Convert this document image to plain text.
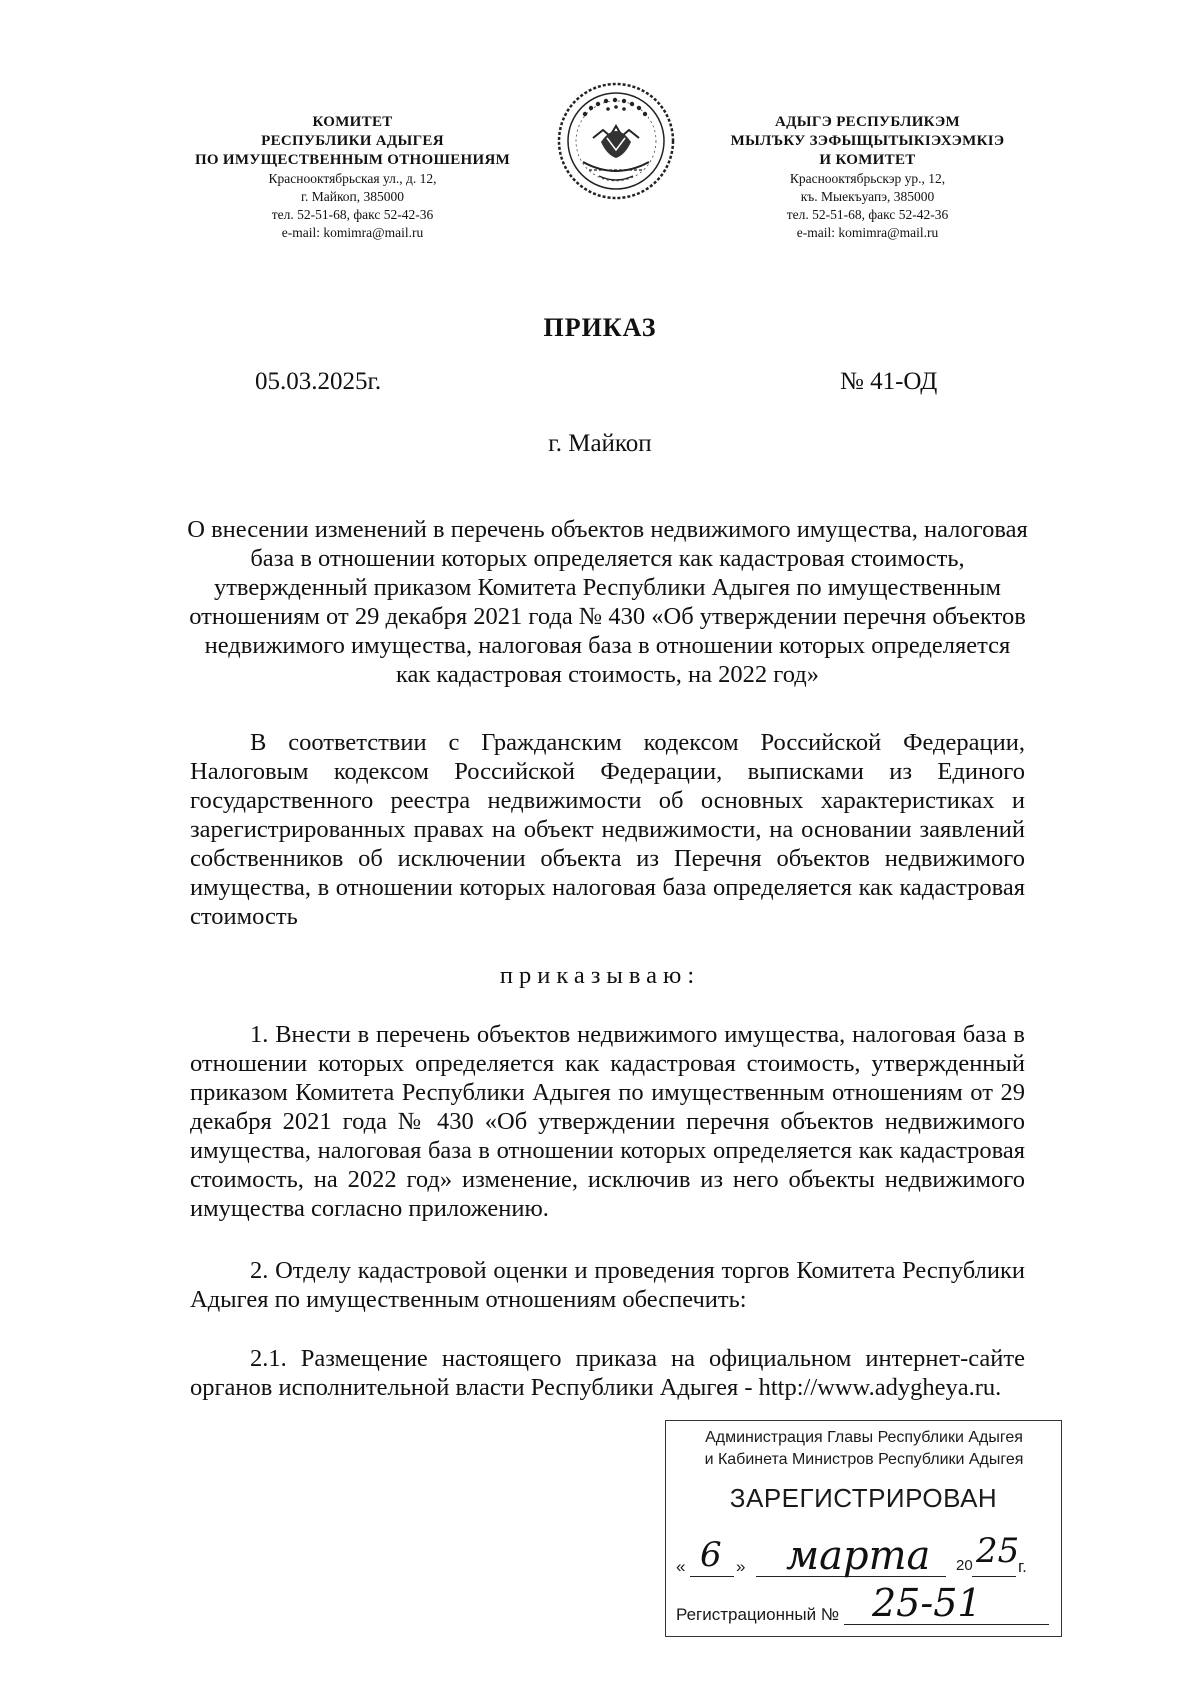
КОМИТЕТ
РЕСПУБЛИКИ АДЫГЕЯ
ПО ИМУЩЕСТВЕННЫМ ОТНОШЕНИЯМ
Краснооктябрьская ул., д. 12,
г. Майкоп, 385000
тел. 52-51-68, факс 52-42-36
e-mail: komimra@mail.ru
АДЫГЭ РЕСПУБЛИКЭМ
МЫЛЪКУ ЗЭФЫЩЫТЫКIЭХЭМКIЭ
И КОМИТЕТ
Краснооктябрьскэр ур., 12,
къ. Мыекъуапэ, 385000
тел. 52-51-68, факс 52-42-36
e-mail: komimra@mail.ru
ПРИКАЗ
05.03.2025г.	№ 41-ОД
г. Майкоп
О внесении изменений в перечень объектов недвижимого имущества, налоговая база в отношении которых определяется как кадастровая стоимость, утвержденный приказом Комитета Республики Адыгея по имущественным отношениям от 29 декабря 2021 года № 430 «Об утверждении перечня объектов недвижимого имущества, налоговая база в отношении которых определяется как кадастровая стоимость, на 2022 год»
В соответствии с Гражданским кодексом Российской Федерации, Налоговым кодексом Российской Федерации, выписками из Единого государственного реестра недвижимости об основных характеристиках и зарегистрированных правах на объект недвижимости, на основании заявлений собственников об исключении объекта из Перечня объектов недвижимого имущества, в отношении которых налоговая база определяется как кадастровая стоимость
приказываю:
1. Внести в перечень объектов недвижимого имущества, налоговая база в отношении которых определяется как кадастровая стоимость, утвержденный приказом Комитета Республики Адыгея по имущественным отношениям от 29 декабря 2021 года № 430 «Об утверждении перечня объектов недвижимого имущества, налоговая база в отношении которых определяется как кадастровая стоимость, на 2022 год» изменение, исключив из него объекты недвижимого имущества согласно приложению.
2. Отделу кадастровой оценки и проведения торгов Комитета Республики Адыгея по имущественным отношениям обеспечить:
2.1. Размещение настоящего приказа на официальном интернет-сайте органов исполнительной власти Республики Адыгея - http://www.adygheya.ru.
Администрация Главы Республики Адыгея
и Кабинета Министров Республики Адыгея
ЗАРЕГИСТРИРОВАН
« 6 » марта 20 25
г.
Регистрационный № 25-51
